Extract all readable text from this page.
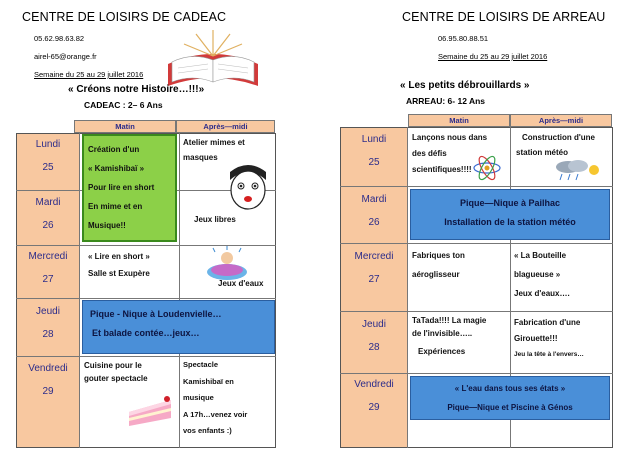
CENTRE DE LOISIRS DE CADEAC
05.62.98.63.82
airel-65@orange.fr
Semaine du 25 au 29 juillet 2016
« Créons notre Histoire…!!!»
CADEAC : 2– 6 Ans
Matin	Après—midi
Lundi
25
Mardi
26
Mercredi
27
Jeudi
28
Vendredi
29
Création d'un
« Kamishibaï »
Pour lire en short
En mime et en
Musique!!
Atelier mimes et
masques
Jeux libres
« Lire en short »
Salle st Exupère
Jeux d'eaux
Pique - Nique à Loudenvielle…
Et balade contée…jeux…
Cuisine pour le
gouter spectacle
Spectacle
Kamishibaï en
musique
A 17h…venez voir
vos enfants :)
CENTRE DE LOISIRS DE ARREAU
06.95.80.88.51
Semaine du 25 au 29 juillet 2016
« Les petits débrouillards »
ARREAU: 6- 12 Ans
Matin	Après—midi
Lundi
25
Mardi
26
Mercredi
27
Jeudi
28
Vendredi
29
Lançons nous dans
des défis
scientifiques!!!!
Construction d'une
station météo
Pique—Nique à Pailhac
Installation de la station météo
Fabriques ton
aéroglisseur
« La Bouteille
blagueuse »
Jeux d'eaux….
TaTada!!!! La magie
de l'invisible…..
Expériences
Fabrication d'une
Girouette!!!
Jeu la tête à l'envers…
« L'eau dans tous ses états »
Pique—Nique et Piscine à Génos
